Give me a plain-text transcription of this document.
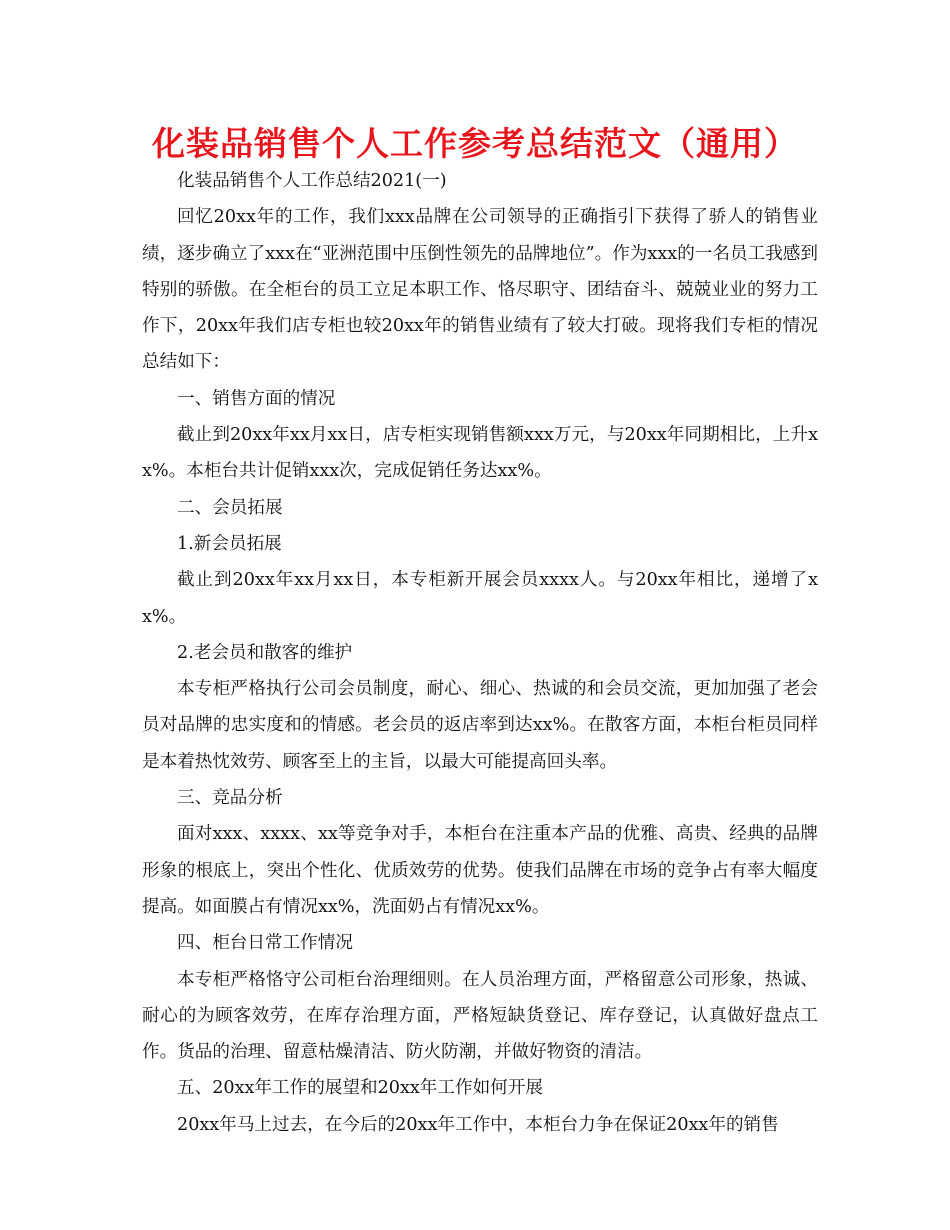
化装品销售个人工作参考总结范文（通用）

化装品销售个人工作总结2021(一)

回忆20xx年的工作，我们xxx品牌在公司领导的正确指引下获得了骄人的销售业绩，逐步确立了xxx在“亚洲范围中压倒性领先的品牌地位”。作为xxx的一名员工我感到特别的骄傲。在全柜台的员工立足本职工作、恪尽职守、团结奋斗、兢兢业业的努力工作下，20xx年我们店专柜也较20xx年的销售业绩有了较大打破。现将我们专柜的情况总结如下：

一、销售方面的情况

截止到20xx年xx月xx日，店专柜实现销售额xxx万元，与20xx年同期相比，上升xx%。本柜台共计促销xxx次，完成促销任务达xx%。

二、会员拓展

1.新会员拓展

截止到20xx年xx月xx日，本专柜新开展会员xxxx人。与20xx年相比，递增了xx%。

2.老会员和散客的维护

本专柜严格执行公司会员制度，耐心、细心、热诚的和会员交流，更加加强了老会员对品牌的忠实度和的情感。老会员的返店率到达xx%。在散客方面，本柜台柜员同样是本着热忱效劳、顾客至上的主旨，以最大可能提高回头率。

三、竞品分析

面对xxx、xxxx、xx等竞争对手，本柜台在注重本产品的优雅、高贵、经典的品牌形象的根底上，突出个性化、优质效劳的优势。使我们品牌在市场的竞争占有率大幅度提高。如面膜占有情况xx%，洗面奶占有情况xx%。

四、柜台日常工作情况

本专柜严格恪守公司柜台治理细则。在人员治理方面，严格留意公司形象，热诚、耐心的为顾客效劳，在库存治理方面，严格短缺货登记、库存登记，认真做好盘点工作。货品的治理、留意枯燥清洁、防火防潮，并做好物资的清洁。

五、20xx年工作的展望和20xx年工作如何开展

20xx年马上过去，在今后的20xx年工作中，本柜台力争在保证20xx年的销售
